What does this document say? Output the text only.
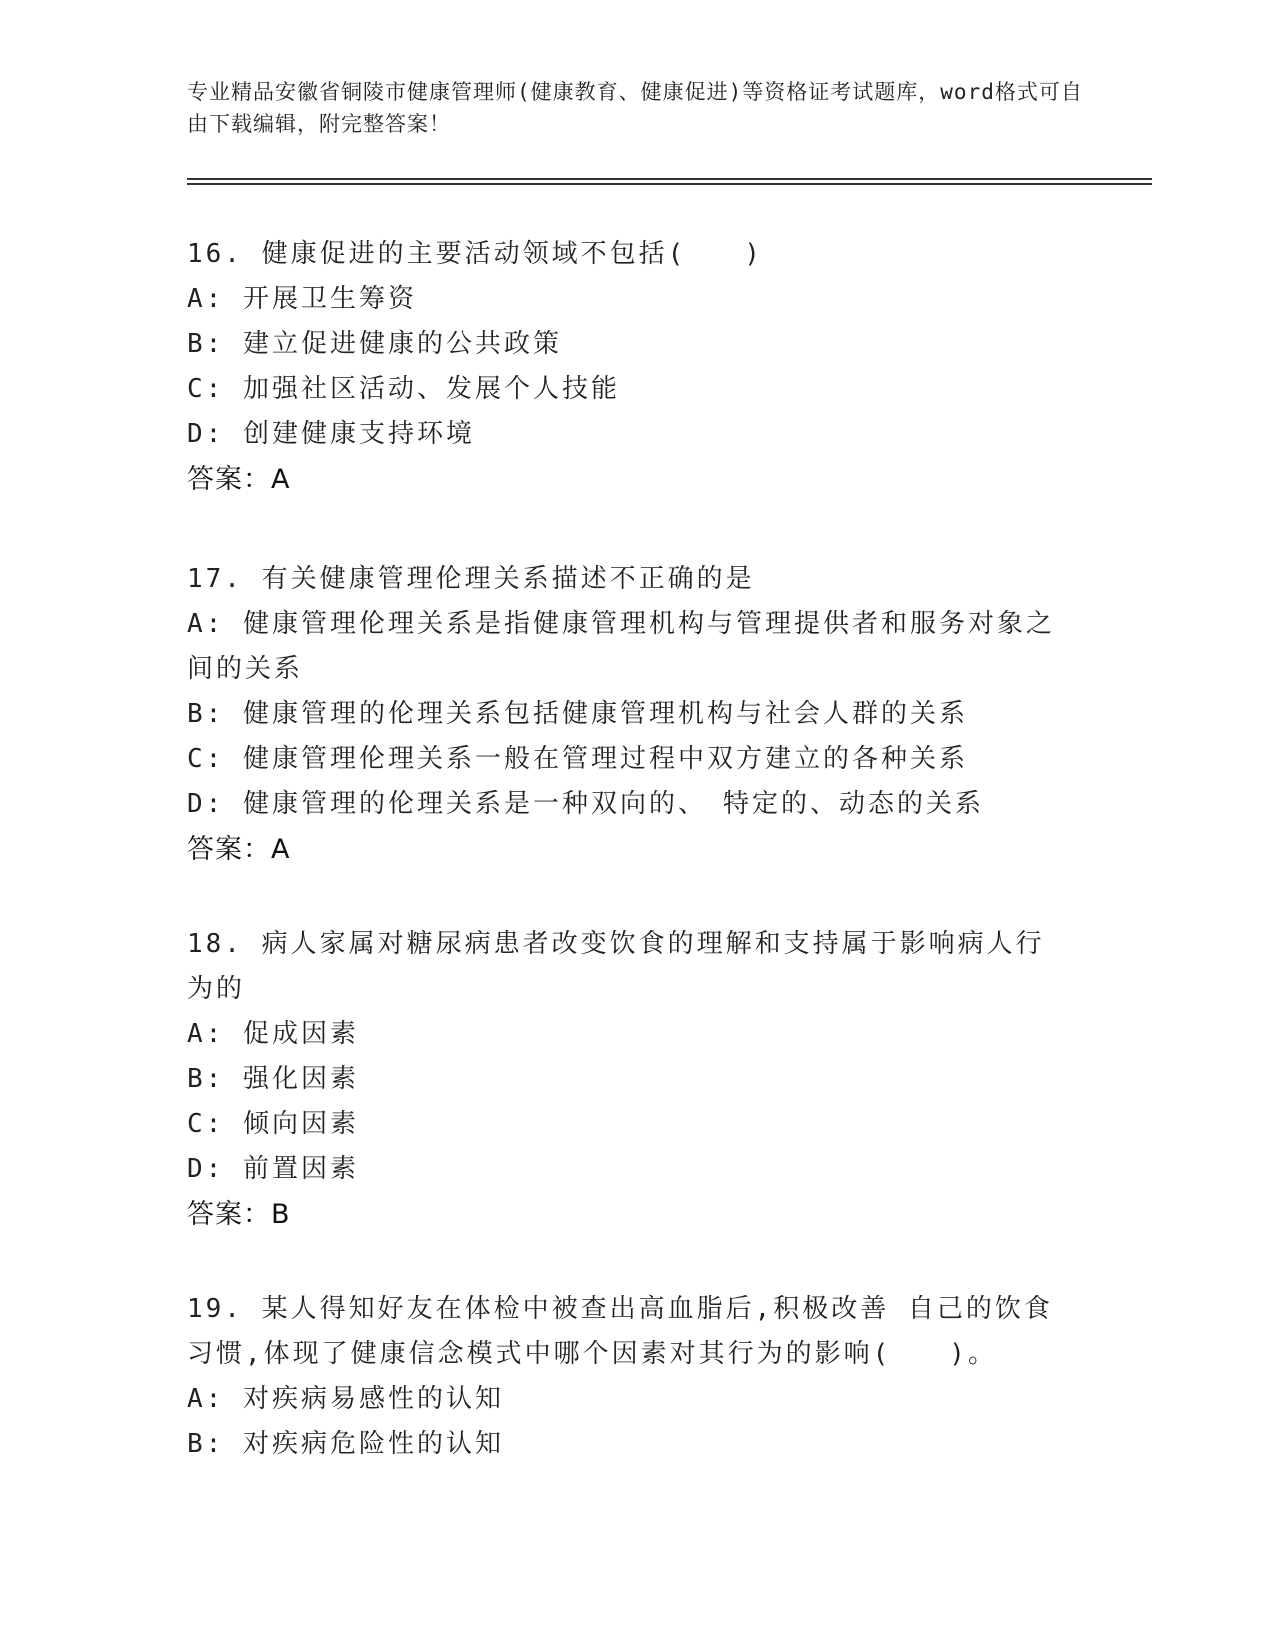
专业精品安徽省铜陵市健康管理师(健康教育、健康促进)等资格证考试题库，word格式可自由下载编辑，附完整答案！
16. 健康促进的主要活动领域不包括(　　)
A: 开展卫生筹资
B: 建立促进健康的公共政策
C: 加强社区活动、发展个人技能
D: 创建健康支持环境
答案：A
17. 有关健康管理伦理关系描述不正确的是
A: 健康管理伦理关系是指健康管理机构与管理提供者和服务对象之间的关系
B: 健康管理的伦理关系包括健康管理机构与社会人群的关系
C: 健康管理伦理关系一般在管理过程中双方建立的各种关系
D: 健康管理的伦理关系是一种双向的、　特定的、动态的关系
答案：A
18. 病人家属对糖尿病患者改变饮食的理解和支持属于影响病人行为的
A: 促成因素
B: 强化因素
C: 倾向因素
D: 前置因素
答案：B
19. 某人得知好友在体检中被查出高血脂后,积极改善 自己的饮食习惯,体现了健康信念模式中哪个因素对其行为的影响(　　)。
A: 对疾病易感性的认知
B: 对疾病危险性的认知
